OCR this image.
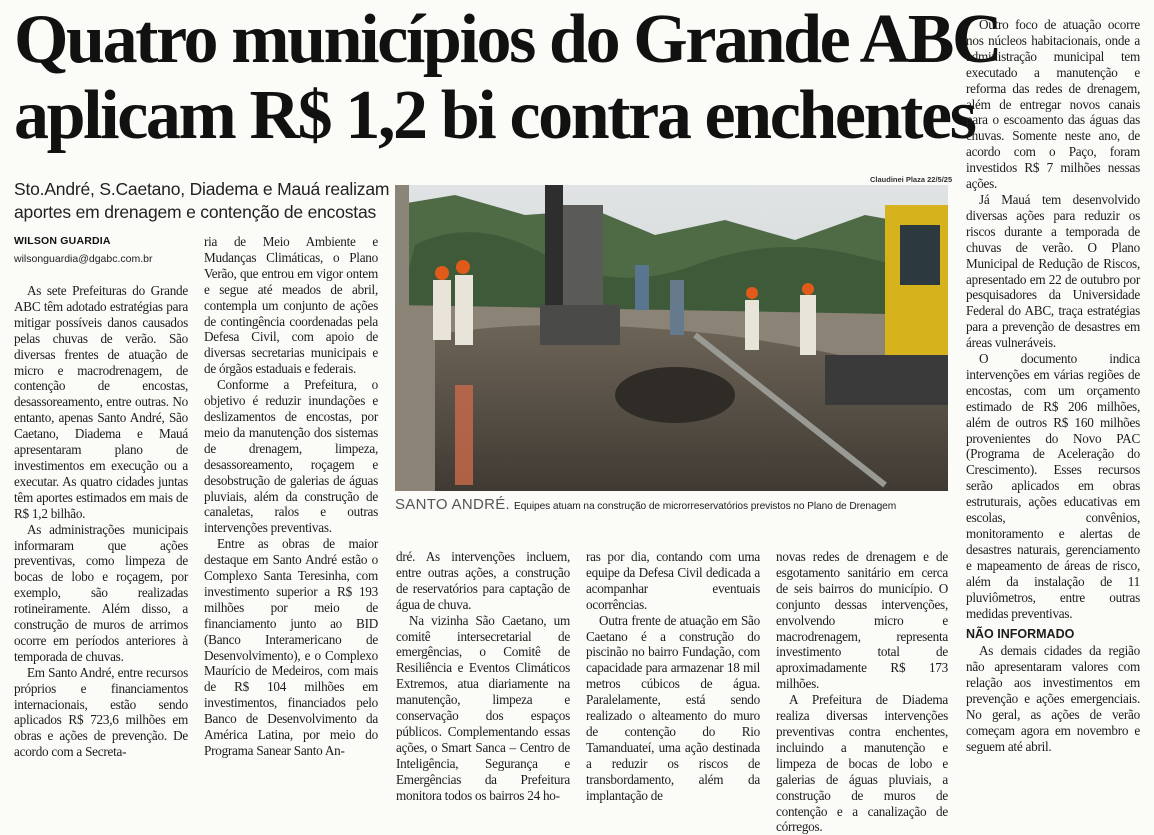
Quatro municípios do Grande ABC
aplicam R$ 1,2 bi contra enchentes
Sto.André, S.Caetano, Diadema e Mauá realizam aportes em drenagem e contenção de encostas
WILSON GUARDIA
wilsonguardia@dgabc.com.br

As sete Prefeituras do Grande ABC têm adotado estratégias para mitigar possíveis danos causados pelas chuvas de verão. São diversas frentes de atuação de micro e macrodrenagem, de contenção de encostas, desassoreamento, entre outras. No entanto, apenas Santo André, São Caetano, Diadema e Mauá apresentaram plano de investimentos em execução ou a executar. As quatro cidades juntas têm aportes estimados em mais de R$ 1,2 bilhão.

As administrações municipais informaram que ações preventivas, como limpeza de bocas de lobo e roçagem, por exemplo, são realizadas rotineiramente. Além disso, a construção de muros de arrimos ocorre em períodos anteriores à temporada de chuvas.

Em Santo André, entre recursos próprios e financiamentos internacionais, estão sendo aplicados R$ 723,6 milhões em obras e ações de prevenção. De acordo com a Secreta-

ria de Meio Ambiente e Mudanças Climáticas, o Plano Verão, que entrou em vigor ontem e segue até meados de abril, contempla um conjunto de ações de contingência coordenadas pela Defesa Civil, com apoio de diversas secretarias municipais e de órgãos estaduais e federais.

Conforme a Prefeitura, o objetivo é reduzir inundações e deslizamentos de encostas, por meio da manutenção dos sistemas de drenagem, limpeza, desassoreamento, roçagem e desobstrução de galerias de águas pluviais, além da construção de canaletas, ralos e outras intervenções preventivas.

Entre as obras de maior destaque em Santo André estão o Complexo Santa Teresinha, com investimento superior a R$ 193 milhões por meio de financiamento junto ao BID (Banco Interamericano de Desenvolvimento), e o Complexo Maurício de Medeiros, com mais de R$ 104 milhões em investimentos, financiados pelo Banco de Desenvolvimento da América Latina, por meio do Programa Sanear Santo An-

Claudinei Plaza 22/5/25
SANTO ANDRÉ. Equipes atuam na construção de microrreservatórios previstos no Plano de Drenagem

dré. As intervenções incluem, entre outras ações, a construção de reservatórios para captação de água de chuva.

Na vizinha São Caetano, um comitê intersecretarial de emergências, o Comitê de Resiliência e Eventos Climáticos Extremos, atua diariamente na manutenção, limpeza e conservação dos espaços públicos. Complementando essas ações, o Smart Sanca – Centro de Inteligência, Segurança e Emergências da Prefeitura monitora todos os bairros 24 ho-

ras por dia, contando com uma equipe da Defesa Civil dedicada a acompanhar eventuais ocorrências.

Outra frente de atuação em São Caetano é a construção do piscinão no bairro Fundação, com capacidade para armazenar 18 mil metros cúbicos de água. Paralelamente, está sendo realizado o alteamento do muro de contenção do Rio Tamanduateí, uma ação destinada a reduzir os riscos de transbordamento, além da implantação de

novas redes de drenagem e de esgotamento sanitário em cerca de seis bairros do município. O conjunto dessas intervenções, envolvendo micro e macrodrenagem, representa investimento total de aproximadamente R$ 173 milhões.

A Prefeitura de Diadema realiza diversas intervenções preventivas contra enchentes, incluindo a manutenção e limpeza de bocas de lobo e galerias de águas pluviais, a construção de muros de contenção e a canalização de córregos.

Outro foco de atuação ocorre nos núcleos habitacionais, onde a administração municipal tem executado a manutenção e reforma das redes de drenagem, além de entregar novos canais para o escoamento das águas das chuvas. Somente neste ano, de acordo com o Paço, foram investidos R$ 7 milhões nessas ações.

Já Mauá tem desenvolvido diversas ações para reduzir os riscos durante a temporada de chuvas de verão. O Plano Municipal de Redução de Riscos, apresentado em 22 de outubro por pesquisadores da Universidade Federal do ABC, traça estratégias para a prevenção de desastres em áreas vulneráveis.

O documento indica intervenções em várias regiões de encostas, com um orçamento estimado de R$ 206 milhões, além de outros R$ 160 milhões provenientes do Novo PAC (Programa de Aceleração do Crescimento). Esses recursos serão aplicados em obras estruturais, ações educativas em escolas, convênios, monitoramento e alertas de desastres naturais, gerenciamento e mapeamento de áreas de risco, além da instalação de 11 pluviômetros, entre outras medidas preventivas.

NÃO INFORMADO

As demais cidades da região não apresentaram valores com relação aos investimentos em prevenção e ações emergenciais. No geral, as ações de verão começam agora em novembro e seguem até abril.
